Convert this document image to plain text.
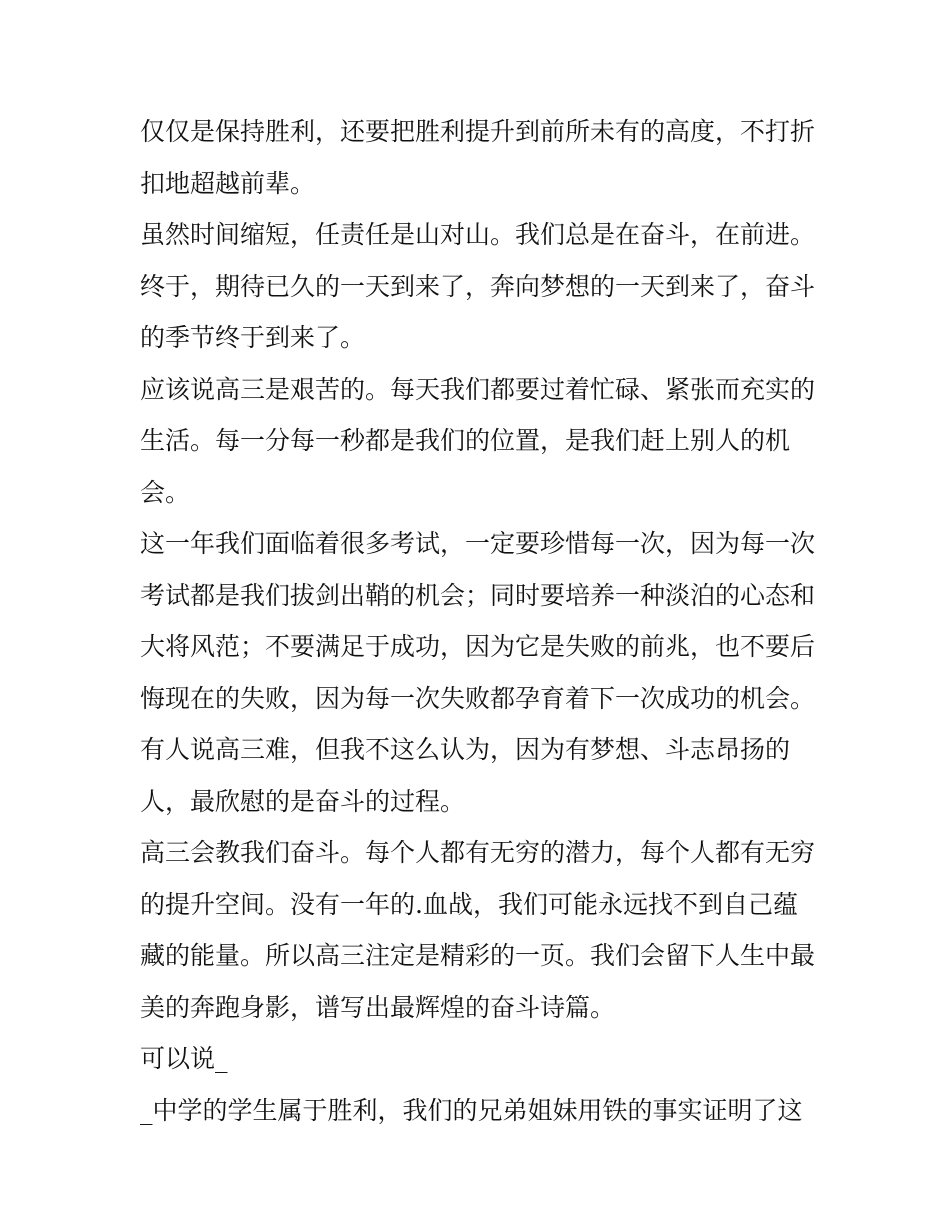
仅仅是保持胜利，还要把胜利提升到前所未有的高度，不打折
扣地超越前辈。
虽然时间缩短，任责任是山对山。我们总是在奋斗，在前进。
终于，期待已久的一天到来了，奔向梦想的一天到来了，奋斗
的季节终于到来了。
应该说高三是艰苦的。每天我们都要过着忙碌、紧张而充实的
生活。每一分每一秒都是我们的位置，是我们赶上别人的机
会。
这一年我们面临着很多考试，一定要珍惜每一次，因为每一次
考试都是我们拔剑出鞘的机会；同时要培养一种淡泊的心态和
大将风范；不要满足于成功，因为它是失败的前兆，也不要后
悔现在的失败，因为每一次失败都孕育着下一次成功的机会。
有人说高三难，但我不这么认为，因为有梦想、斗志昂扬的
人，最欣慰的是奋斗的过程。
高三会教我们奋斗。每个人都有无穷的潜力，每个人都有无穷
的提升空间。没有一年的.血战，我们可能永远找不到自己蕴
藏的能量。所以高三注定是精彩的一页。我们会留下人生中最
美的奔跑身影，谱写出最辉煌的奋斗诗篇。
可以说_
_中学的学生属于胜利，我们的兄弟姐妹用铁的事实证明了这
